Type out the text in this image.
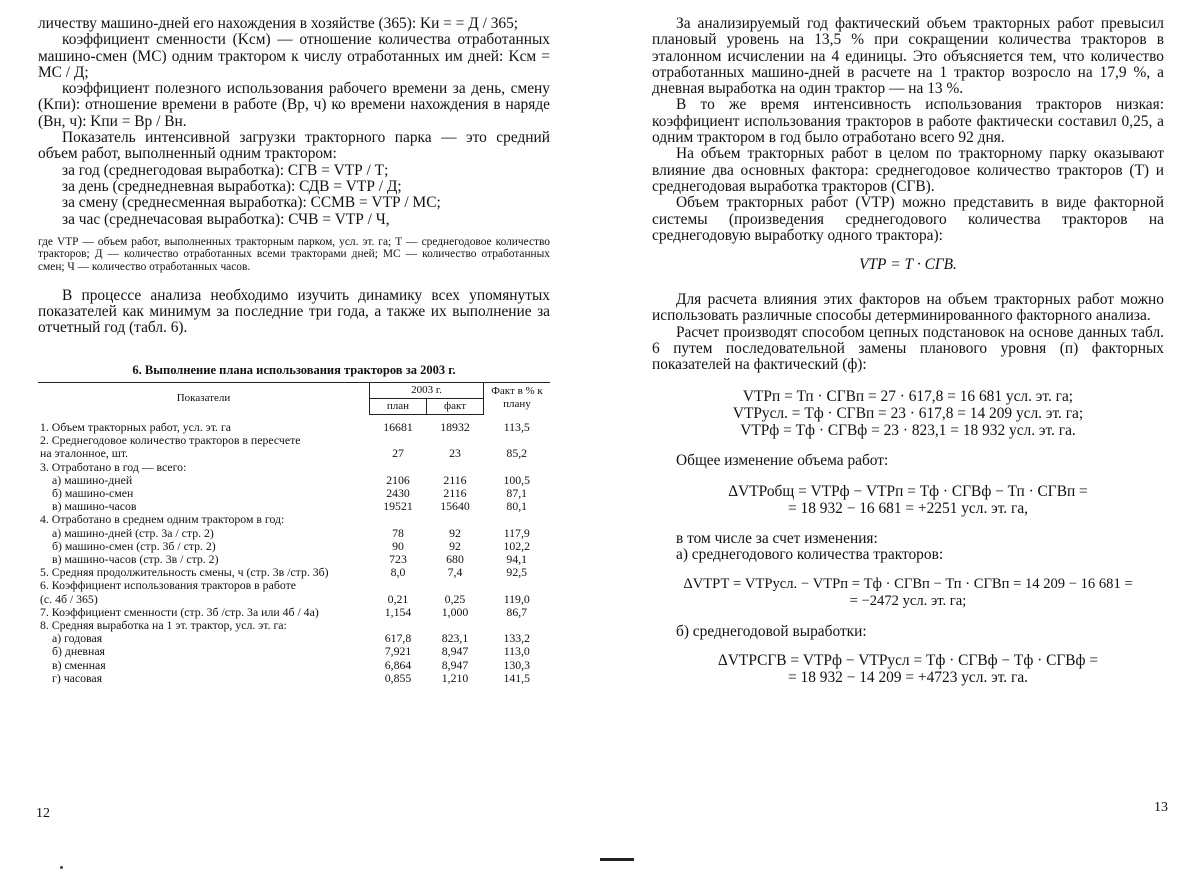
личеству машино-дней его нахождения в хозяйстве (365): Kи = = Д / 365;

коэффициент сменности (Kсм) — отношение количества отработанных машино-смен (МС) одним трактором к числу отработанных им дней: Kсм = МС / Д;

коэффициент полезного использования рабочего времени за день, смену (Kпи): отношение времени в работе (Bр, ч) ко времени нахождения в наряде (Bн, ч): Kпи = Bр / Bн.

Показатель интенсивной загрузки тракторного парка — это средний объем работ, выполненный одним трактором:

за год (среднегодовая выработка): СГВ = VТР / Т;

за день (среднедневная выработка): СДВ = VТР / Д;

за смену (среднесменная выработка): ССМВ = VТР / МС;

за час (среднечасовая выработка): СЧВ = VТР / Ч,

где VТР — объем работ, выполненных тракторным парком, усл. эт. га; Т — среднегодовое количество тракторов; Д — количество отработанных всеми тракторами дней; МС — количество отработанных смен; Ч — количество отработанных часов.

В процессе анализа необходимо изучить динамику всех упомянутых показателей как минимум за последние три года, а также их выполнение за отчетный год (табл. 6).

6. Выполнение плана использования тракторов за 2003 г.
Показатели	2003 г.		Факт в % к плану
	план	факт	
1. Объем тракторных работ, усл. эт. га	16681	18932	113,5
2. Среднегодовое количество тракторов в пересчете			
на эталонное, шт.	27	23	85,2
3. Отработано в год — всего:			
а) машино-дней	2106	2116	100,5
б) машино-смен	2430	2116	87,1
в) машино-часов	19521	15640	80,1
4. Отработано в среднем одним трактором в год:			
а) машино-дней (стр. 3а / стр. 2)	78	92	117,9
б) машино-смен (стр. 3б / стр. 2)	90	92	102,2
в) машино-часов (стр. 3в / стр. 2)	723	680	94,1
5. Средняя продолжительность смены, ч (стр. 3в /стр. 3б)	8,0	7,4	92,5
6. Коэффициент использования тракторов в работе			
(с. 4б / 365)	0,21	0,25	119,0
7. Коэффициент сменности (стр. 3б /стр. 3а или 4б / 4а)	1,154	1,000	86,7
8. Средняя выработка на 1 эт. трактор, усл. эт. га:			
а) годовая	617,8	823,1	133,2
б) дневная	7,921	8,947	113,0
в) сменная	6,864	8,947	130,3
г) часовая	0,855	1,210	141,5
12

За анализируемый год фактический объем тракторных работ превысил плановый уровень на 13,5 % при сокращении количества тракторов в эталонном исчислении на 4 единицы. Это объясняется тем, что количество отработанных машино-дней в расчете на 1 трактор возросло на 17,9 %, а дневная выработка на один трактор — на 13 %.

В то же время интенсивность использования тракторов низкая: коэффициент использования тракторов в работе фактически составил 0,25, а одним трактором в год было отработано всего 92 дня.

На объем тракторных работ в целом по тракторному парку оказывают влияние два основных фактора: среднегодовое количество тракторов (Т) и среднегодовая выработка тракторов (СГВ).

Объем тракторных работ (VТР) можно представить в виде факторной системы (произведения среднегодового количества тракторов на среднегодовую выработку одного трактора):

VТР = Т · СГВ.

Для расчета влияния этих факторов на объем тракторных работ можно использовать различные способы детерминированного факторного анализа.

Расчет производят способом цепных подстановок на основе данных табл. 6 путем последовательной замены планового уровня (п) факторных показателей на фактический (ф):

VТРп = Тп · СГВп = 27 · 617,8 = 16 681 усл. эт. га;
VТРусл. = Тф · СГВп = 23 · 617,8 = 14 209 усл. эт. га;
VТРф = Тф · СГВф = 23 · 823,1 = 18 932 усл. эт. га.

Общее изменение объема работ:

ΔVТРобщ = VТРф − VТРп = Тф · СГВф − Тп · СГВп =
= 18 932 − 16 681 = +2251 усл. эт. га,

в том числе за счет изменения:

а) среднегодового количества тракторов:

ΔVТРТ = VТРусл. − VТРп = Тф · СГВп − Тп · СГВп = 14 209 − 16 681 =
= −2472 усл. эт. га;

б) среднегодовой выработки:

ΔVТРСГВ = VТРф − VТРусл = Тф · СГВф − Тф · СГВф =
= 18 932 − 14 209 = +4723 усл. эт. га.
13
